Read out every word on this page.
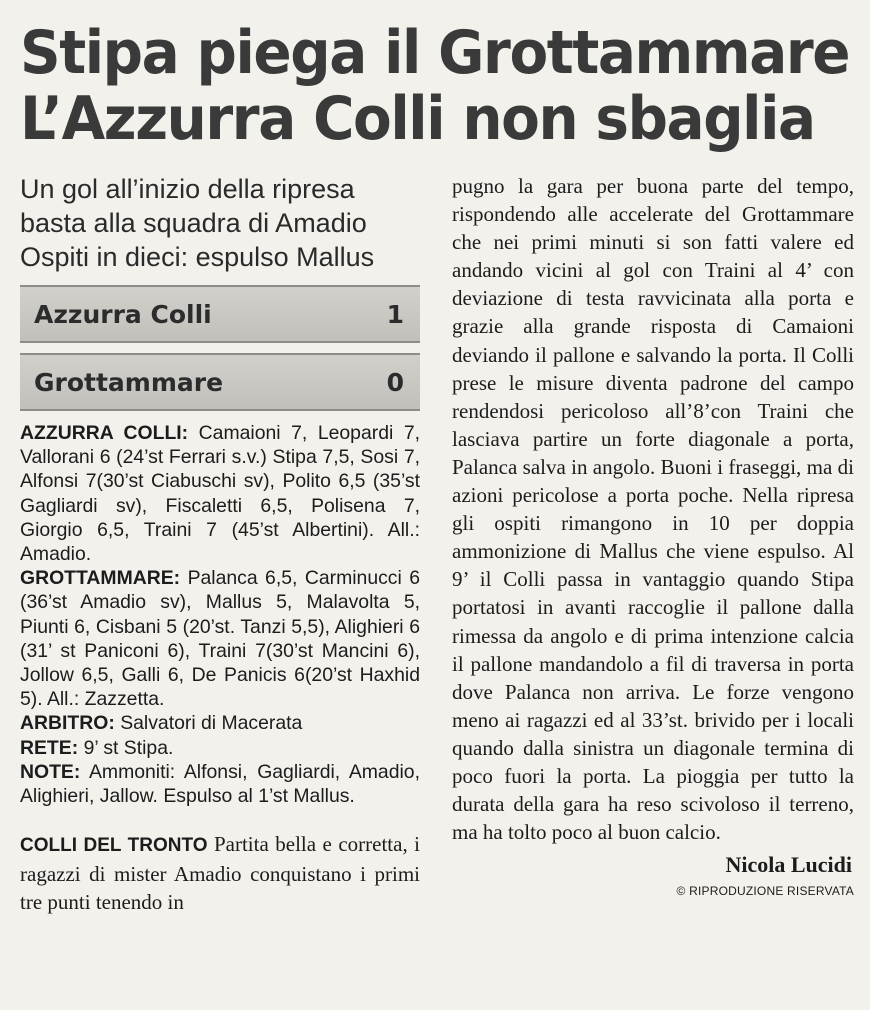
Stipa piega il Grottammare
L’Azzurra Colli non sbaglia
Un gol all’inizio della ripresa
basta alla squadra di Amadio
Ospiti in dieci: espulso Mallus
Azzurra Colli	1
Grottammare	0

AZZURRA COLLI: Camaioni 7, Leopardi 7, Vallorani 6 (24’st Ferrari s.v.) Stipa 7,5, Sosi 7, Alfonsi 7(30’st Ciabuschi sv), Polito 6,5 (35’st Gagliardi sv), Fiscaletti 6,5, Polisena 7, Giorgio 6,5, Traini 7 (45’st Albertini). All.: Amadio.

GROTTAMMARE: Palanca 6,5, Carminucci 6 (36’st Amadio sv), Mallus 5, Malavolta 5, Piunti 6, Cisbani 5 (20’st. Tanzi 5,5), Alighieri 6 (31’ st Paniconi 6), Traini 7(30’st Mancini 6), Jollow 6,5, Galli 6, De Panicis 6(20’st Haxhid 5). All.: Zazzetta.

ARBITRO: Salvatori di Macerata

RETE: 9’ st Stipa.

NOTE: Ammoniti: Alfonsi, Gagliardi, Amadio, Alighieri, Jallow. Espulso al 1’st Mallus.

COLLI DEL TRONTO Partita bella e corretta, i ragazzi di mister Amadio conquistano i primi tre punti tenendo in

pugno la gara per buona parte del tempo, rispondendo alle accelerate del Grottammare che nei primi minuti si son fatti valere ed andando vicini al gol con Traini al 4’ con deviazione di testa ravvicinata alla porta e grazie alla grande risposta di Camaioni deviando il pallone e salvando la porta. Il Colli prese le misure diventa padrone del campo rendendosi pericoloso all’8’con Traini che lasciava partire un forte diagonale a porta, Palanca salva in angolo. Buoni i fraseggi, ma di azioni pericolose a porta poche. Nella ripresa gli ospiti rimangono in 10 per doppia ammonizione di Mallus che viene espulso. Al 9’ il Colli passa in vantaggio quando Stipa portatosi in avanti raccoglie il pallone dalla rimessa da angolo e di prima intenzione calcia il pallone mandandolo a fil di traversa in porta dove Palanca non arriva. Le forze vengono meno ai ragazzi ed al 33’st. brivido per i locali quando dalla sinistra un diagonale termina di poco fuori la porta. La pioggia per tutto la durata della gara ha reso scivoloso il terreno, ma ha tolto poco al buon calcio.

Nicola Lucidi
© RIPRODUZIONE RISERVATA
